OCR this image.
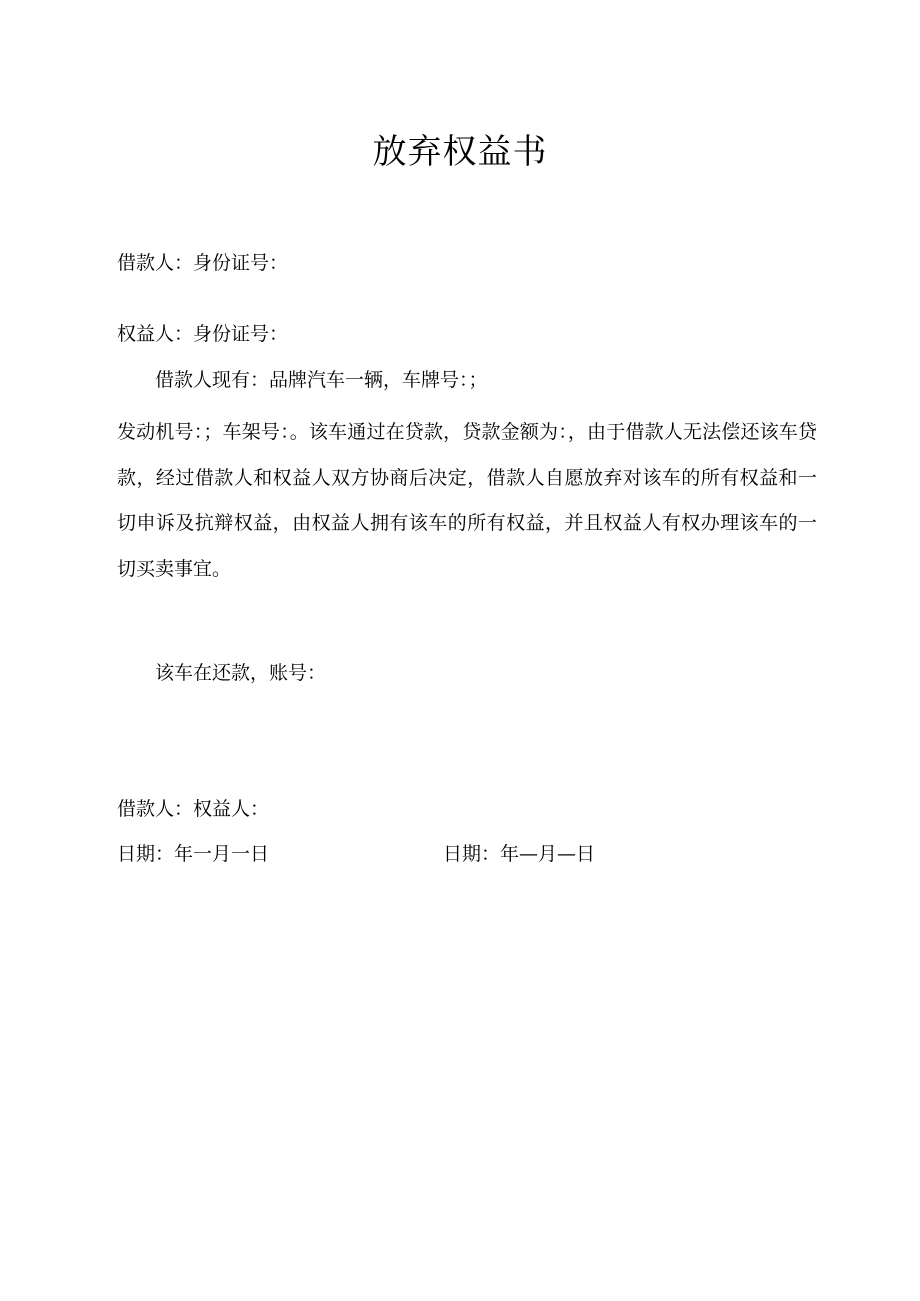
放弃权益书
借款人：身份证号：
权益人：身份证号：
借款人现有：品牌汽车一辆，车牌号：；

发动机号：；车架号：。该车通过在贷款，贷款金额为：，由于借款人无法偿还该车贷款，经过借款人和权益人双方协商后决定，借款人自愿放弃对该车的所有权益和一切申诉及抗辩权益，由权益人拥有该车的所有权益，并且权益人有权办理该车的一切买卖事宜。

该车在还款，账号：
借款人：权益人：
日期：年一月一日	日期：年—月—日
